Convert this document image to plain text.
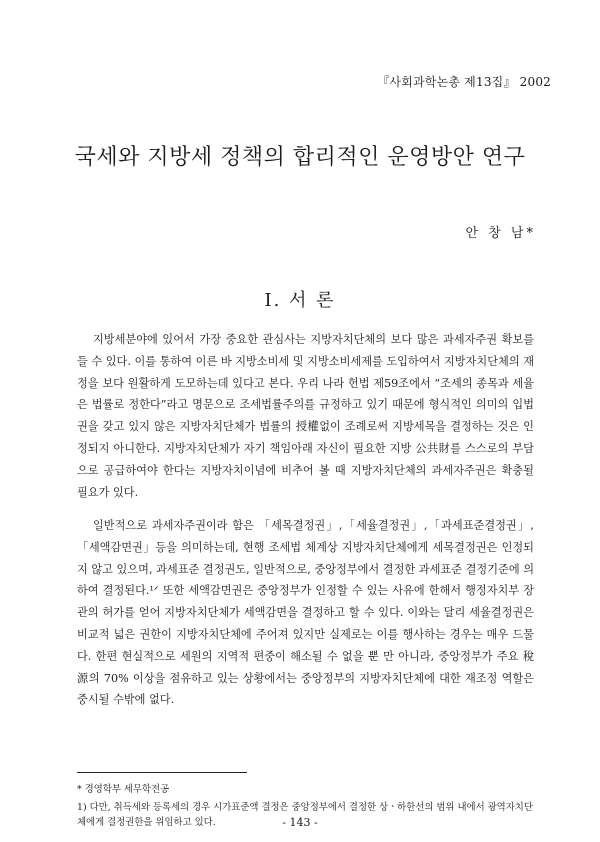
『사회과학논총 제13집』 2002
국세와 지방세 정책의 합리적인 운영방안 연구
안 창 남*
Ⅰ. 서 론

지방세분야에 있어서 가장 중요한 관심사는 지방자치단체의 보다 많은 과세자주권 확보를 들 수 있다. 이를 통하여 이른 바 지방소비세 및 지방소비세제를 도입하여서 지방자치단체의 재정을 보다 원활하게 도모하는데 있다고 본다. 우리 나라 헌법 제59조에서 “조세의 종목과 세율은 법률로 정한다”라고 명문으로 조세법률주의를 규정하고 있기 때문에 형식적인 의미의 입법권을 갖고 있지 않은 지방자치단체가 법률의 授權없이 조례로써 지방세목을 결정하는 것은 인정되지 아니한다. 지방자치단체가 자기 책임아래 자신이 필요한 지방 公共財를 스스로의 부담으로 공급하여야 한다는 지방자치이념에 비추어 볼 때 지방자치단체의 과세자주권은 확충될 필요가 있다.

일반적으로 과세자주권이라 함은 「세목결정권」,「세율결정권」,「과세표준결정권」,「세액감면권」등을 의미하는데, 현행 조세법 체계상 지방자치단체에게 세목결정권은 인정되지 않고 있으며, 과세표준 결정권도, 일반적으로, 중앙정부에서 결정한 과세표준 결정기준에 의하여 결정된다.¹ᐟ 또한 세액감면권은 중앙정부가 인정할 수 있는 사유에 한해서 행정자치부 장관의 허가를 얻어 지방자치단체가 세액감면을 결정하고 할 수 있다. 이와는 달리 세율결정권은 비교적 넓은 권한이 지방자치단체에 주어져 있지만 실제로는 이를 행사하는 경우는 매우 드물다. 한편 현실적으로 세원의 지역적 편중이 해소될 수 없을 뿐 만 아니라, 중앙정부가 주요 稅源의 70% 이상을 점유하고 있는 상황에서는 중앙정부의 지방자치단체에 대한 재조정 역할은 중시될 수밖에 없다.

* 경영학부 세무학전공
1) 다만, 취득세와 등록세의 경우 시가표준액 결정은 중앙정부에서 결정한 상ㆍ하한선의 범위 내에서 광역자치단체에게 결정권한을 위임하고 있다.	- 143 -
